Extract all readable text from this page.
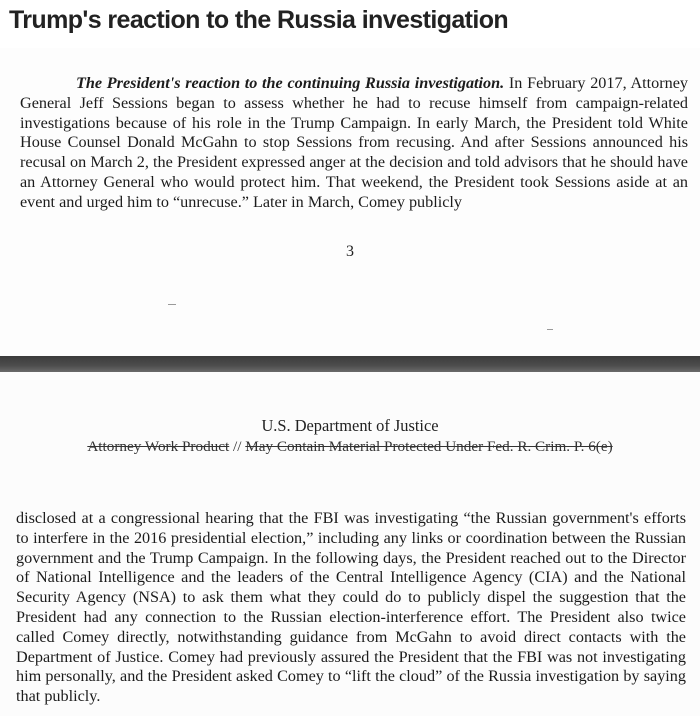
Trump's reaction to the Russia investigation

The President's reaction to the continuing Russia investigation. In February 2017, Attorney General Jeff Sessions began to assess whether he had to recuse himself from campaign-related investigations because of his role in the Trump Campaign. In early March, the President told White House Counsel Donald McGahn to stop Sessions from recusing. And after Sessions announced his recusal on March 2, the President expressed anger at the decision and told advisors that he should have an Attorney General who would protect him. That weekend, the President took Sessions aside at an event and urged him to “unrecuse.” Later in March, Comey publicly

3
U.S. Department of Justice
Attorney Work Product // May Contain Material Protected Under Fed. R. Crim. P. 6(e)

disclosed at a congressional hearing that the FBI was investigating “the Russian government's efforts to interfere in the 2016 presidential election,” including any links or coordination between the Russian government and the Trump Campaign. In the following days, the President reached out to the Director of National Intelligence and the leaders of the Central Intelligence Agency (CIA) and the National Security Agency (NSA) to ask them what they could do to publicly dispel the suggestion that the President had any connection to the Russian election-interference effort. The President also twice called Comey directly, notwithstanding guidance from McGahn to avoid direct contacts with the Department of Justice. Comey had previously assured the President that the FBI was not investigating him personally, and the President asked Comey to “lift the cloud” of the Russia investigation by saying that publicly.
